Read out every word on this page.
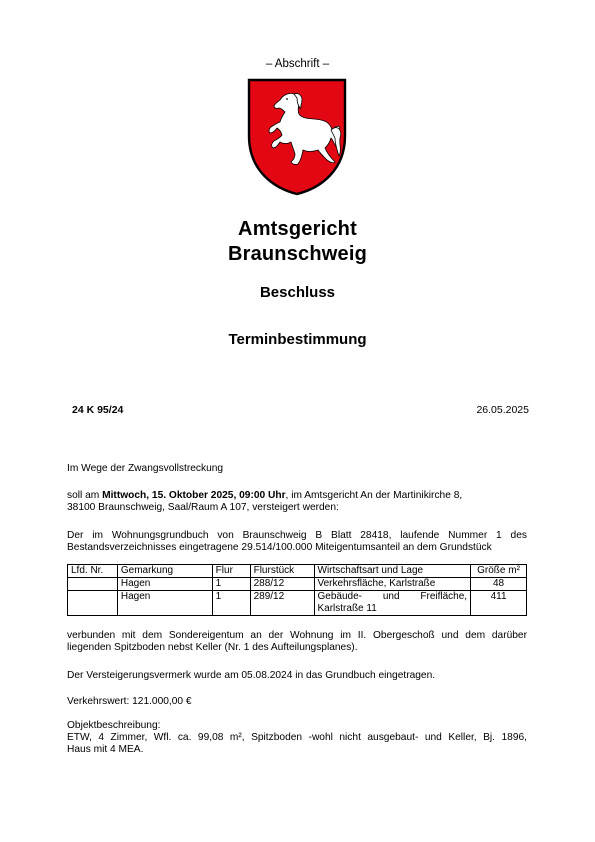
– Abschrift –
Amtsgericht
Braunschweig
Beschluss
Terminbestimmung
24 K 95/24	26.05.2025
Im Wege der Zwangsvollstreckung
soll am Mittwoch, 15. Oktober 2025, 09:00 Uhr, im Amtsgericht An der Martinikirche 8,
38100 Braunschweig, Saal/Raum A 107, versteigert werden:
Der im Wohnungsgrundbuch von Braunschweig B Blatt 28418, laufende Nummer 1 des
Bestandsverzeichnisses eingetragene 29.514/100.000 Miteigentumsanteil an dem Grundstück
Lfd. Nr.	Gemarkung	Flur	Flurstück	Wirtschaftsart und Lage	Größe m²
	Hagen	1	288/12	Verkehrsfläche, Karlstraße	48
	Hagen	1	289/12	Gebäude- und Freifläche,
Karlstraße 11	411
verbunden mit dem Sondereigentum an der Wohnung im II. Obergeschoß und dem darüber
liegenden Spitzboden nebst Keller (Nr. 1 des Aufteilungsplanes).
Der Versteigerungsvermerk wurde am 05.08.2024 in das Grundbuch eingetragen.
Verkehrswert: 121.000,00 €
Objektbeschreibung:
ETW, 4 Zimmer, Wfl. ca. 99,08 m², Spitzboden -wohl nicht ausgebaut- und Keller, Bj. 1896,
Haus mit 4 MEA.
